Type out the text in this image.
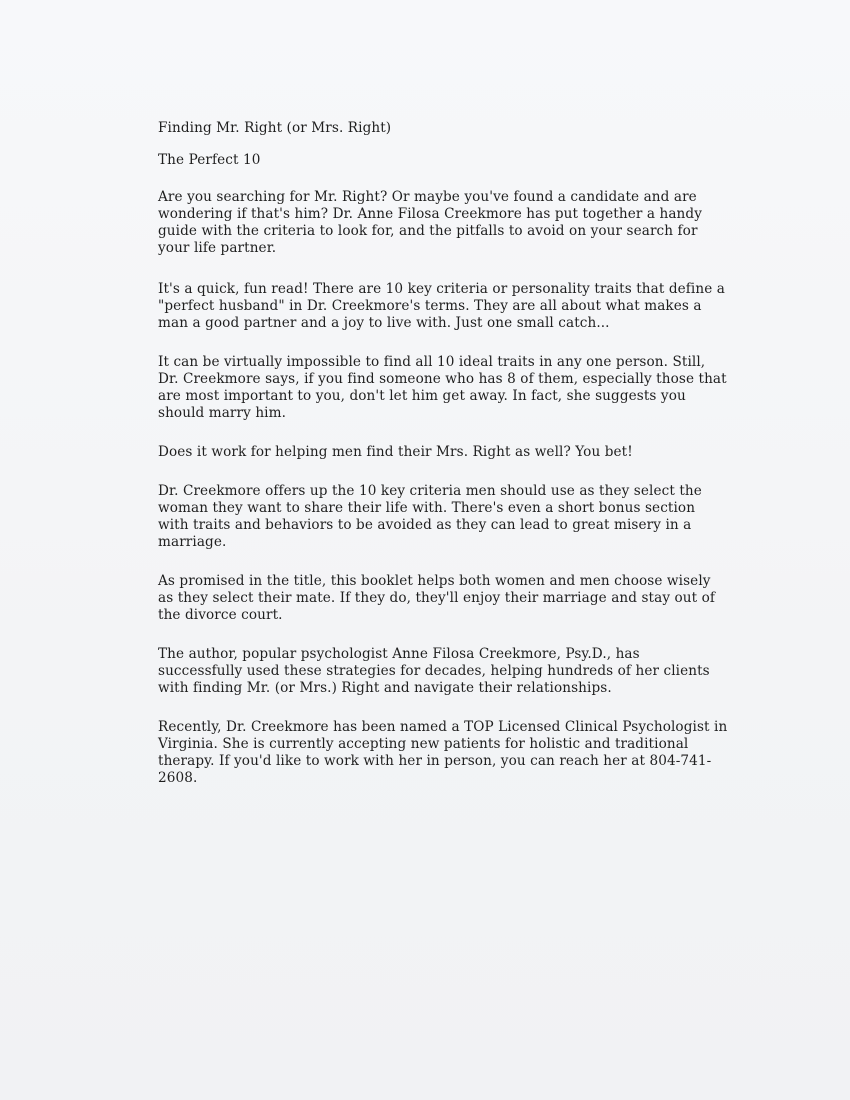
Finding Mr. Right (or Mrs. Right)

The Perfect 10

Are you searching for Mr. Right? Or maybe you've found a candidate and are wondering if that's him? Dr. Anne Filosa Creekmore has put together a handy guide with the criteria to look for, and the pitfalls to avoid on your search for your life partner.

It's a quick, fun read! There are 10 key criteria or personality traits that define a "perfect husband" in Dr. Creekmore's terms. They are all about what makes a man a good partner and a joy to live with. Just one small catch...

It can be virtually impossible to find all 10 ideal traits in any one person. Still, Dr. Creekmore says, if you find someone who has 8 of them, especially those that are most important to you, don't let him get away. In fact, she suggests you should marry him.

Does it work for helping men find their Mrs. Right as well? You bet!

Dr. Creekmore offers up the 10 key criteria men should use as they select the woman they want to share their life with. There's even a short bonus section with traits and behaviors to be avoided as they can lead to great misery in a marriage.

As promised in the title, this booklet helps both women and men choose wisely as they select their mate. If they do, they'll enjoy their marriage and stay out of the divorce court.

The author, popular psychologist Anne Filosa Creekmore, Psy.D., has successfully used these strategies for decades, helping hundreds of her clients with finding Mr. (or Mrs.) Right and navigate their relationships.

Recently, Dr. Creekmore has been named a TOP Licensed Clinical Psychologist in Virginia. She is currently accepting new patients for holistic and traditional therapy. If you'd like to work with her in person, you can reach her at 804-741-2608.
